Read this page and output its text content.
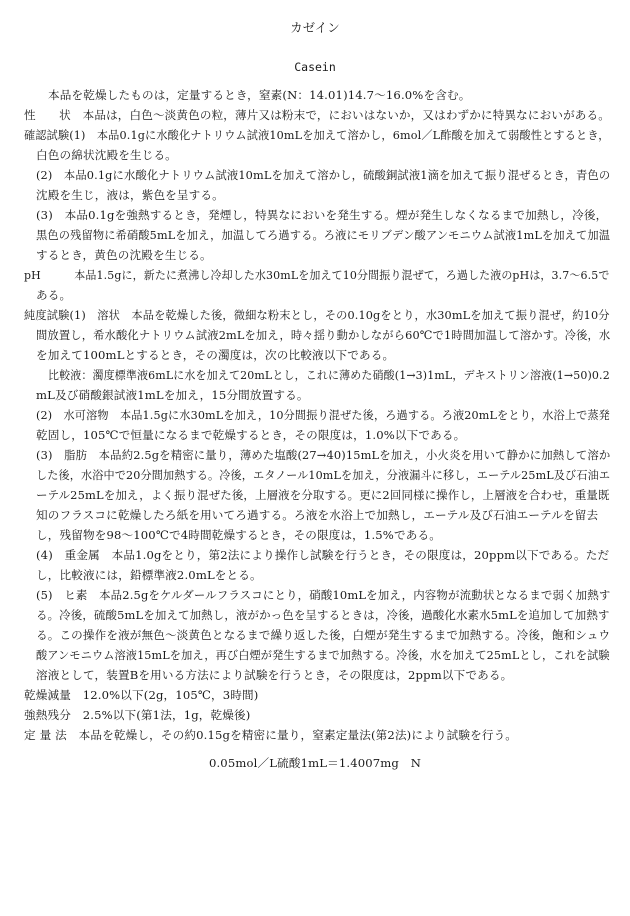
カゼイン
Casein
本品を乾燥したものは，定量するとき，窒素(N：14.01)14.7〜16.0%を含む。
性　　状　本品は，白色〜淡黄色の粒，薄片又は粉末で，においはないか，又はわずかに特異なにおいがある。
確認試験(1)　本品0.1gに水酸化ナトリウム試液10mLを加えて溶かし，6mol／L酢酸を加えて弱酸性とするとき，
白色の綿状沈殿を生じる。
(2)　本品0.1gに水酸化ナトリウム試液10mLを加えて溶かし，硫酸銅試液1滴を加えて振り混ぜるとき，青色の
沈殿を生じ，液は，紫色を呈する。
(3)　本品0.1gを強熱するとき，発煙し，特異なにおいを発生する。煙が発生しなくなるまで加熱し，冷後，
黒色の残留物に希硝酸5mLを加え，加温してろ過する。ろ液にモリブデン酸アンモニウム試液1mLを加えて加温
するとき，黄色の沈殿を生じる。
pH　　　本品1.5gに，新たに煮沸し冷却した水30mLを加えて10分間振り混ぜて，ろ過した液のpHは，3.7〜6.5で
ある。
純度試験(1)　溶状　本品を乾燥した後，微細な粉末とし，その0.10gをとり，水30mLを加えて振り混ぜ，約10分
間放置し，希水酸化ナトリウム試液2mLを加え，時々揺り動かしながら60℃で1時間加温して溶かす。冷後，水
を加えて100mLとするとき，その濁度は，次の比較液以下である。
比較液：濁度標準液6mLに水を加えて20mLとし，これに薄めた硝酸(1→3)1mL，デキストリン溶液(1→50)0.2
mL及び硝酸銀試液1mLを加え，15分間放置する。
(2)　水可溶物　本品1.5gに水30mLを加え，10分間振り混ぜた後，ろ過する。ろ液20mLをとり，水浴上で蒸発
乾固し，105℃で恒量になるまで乾燥するとき，その限度は，1.0%以下である。
(3)　脂肪　本品約2.5gを精密に量り，薄めた塩酸(27→40)15mLを加え，小火炎を用いて静かに加熱して溶か
した後，水浴中で20分間加熱する。冷後，エタノール10mLを加え，分液漏斗に移し，エーテル25mL及び石油エ
ーテル25mLを加え，よく振り混ぜた後，上層液を分取する。更に2回同様に操作し，上層液を合わせ，重量既
知のフラスコに乾燥したろ紙を用いてろ過する。ろ液を水浴上で加熱し，エーテル及び石油エーテルを留去
し，残留物を98〜100℃で4時間乾燥するとき，その限度は，1.5%である。
(4)　重金属　本品1.0gをとり，第2法により操作し試験を行うとき，その限度は，20ppm以下である。ただ
し，比較液には，鉛標準液2.0mLをとる。
(5)　ヒ素　本品2.5gをケルダールフラスコにとり，硝酸10mLを加え，内容物が流動状となるまで弱く加熱す
る。冷後，硫酸5mLを加えて加熱し，液がかっ色を呈するときは，冷後，過酸化水素水5mLを追加して加熱す
る。この操作を液が無色〜淡黄色となるまで繰り返した後，白煙が発生するまで加熱する。冷後，飽和シュウ
酸アンモニウム溶液15mLを加え，再び白煙が発生するまで加熱する。冷後，水を加えて25mLとし，これを試験
溶液として，装置Bを用いる方法により試験を行うとき，その限度は，2ppm以下である。
乾燥減量　12.0%以下(2g，105℃，3時間)
強熱残分　2.5%以下(第1法，1g，乾燥後)
定 量 法　本品を乾燥し，その約0.15gを精密に量り，窒素定量法(第2法)により試験を行う。
0.05mol／L硫酸1mL＝1.4007mg　N
